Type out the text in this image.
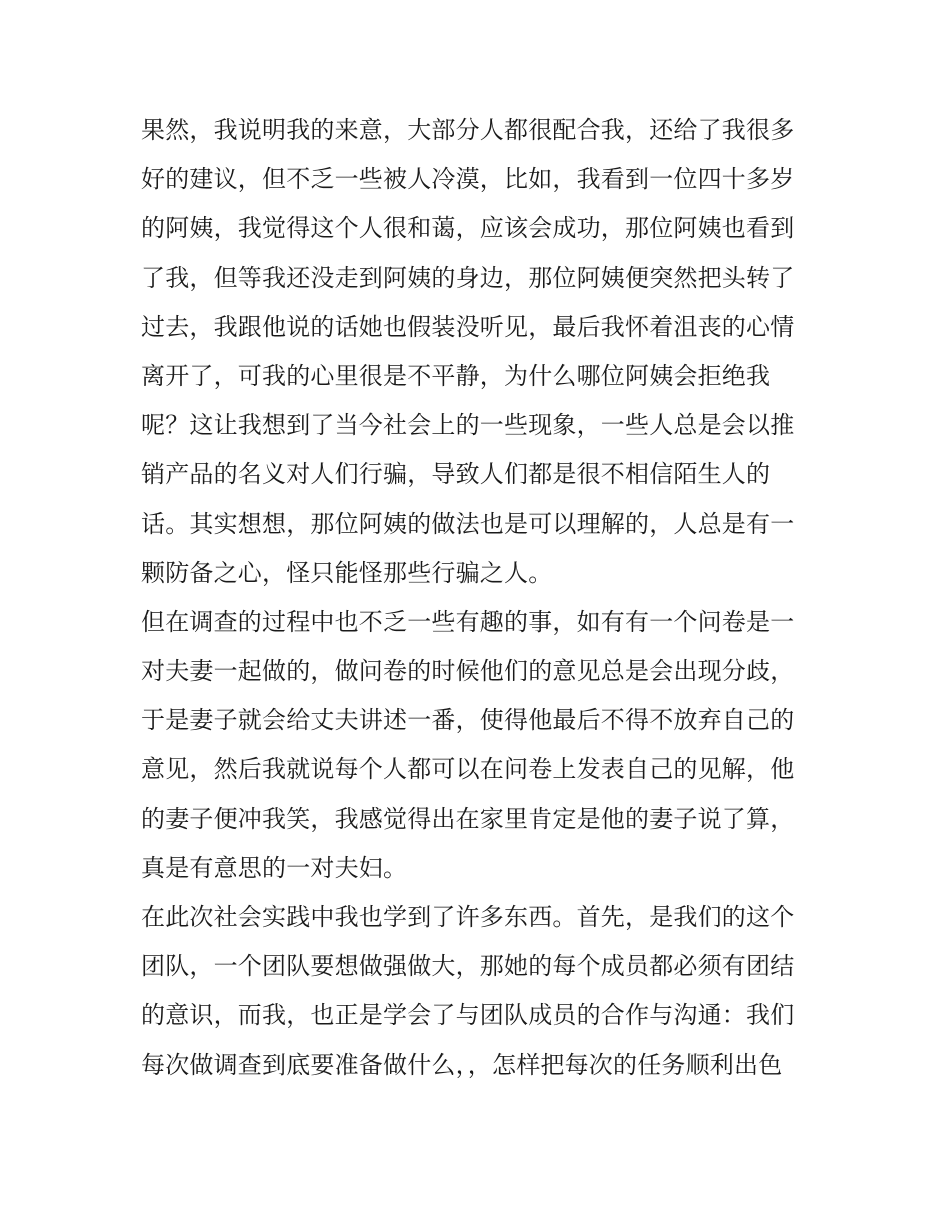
果然，我说明我的来意，大部分人都很配合我，还给了我很多
好的建议，但不乏一些被人冷漠，比如，我看到一位四十多岁
的阿姨，我觉得这个人很和蔼，应该会成功，那位阿姨也看到
了我，但等我还没走到阿姨的身边，那位阿姨便突然把头转了
过去，我跟他说的话她也假装没听见，最后我怀着沮丧的心情
离开了，可我的心里很是不平静，为什么哪位阿姨会拒绝我
呢？这让我想到了当今社会上的一些现象，一些人总是会以推
销产品的名义对人们行骗，导致人们都是很不相信陌生人的
话。其实想想，那位阿姨的做法也是可以理解的，人总是有一
颗防备之心，怪只能怪那些行骗之人。
但在调查的过程中也不乏一些有趣的事，如有有一个问卷是一
对夫妻一起做的，做问卷的时候他们的意见总是会出现分歧，
于是妻子就会给丈夫讲述一番，使得他最后不得不放弃自己的
意见，然后我就说每个人都可以在问卷上发表自己的见解，他
的妻子便冲我笑，我感觉得出在家里肯定是他的妻子说了算，
真是有意思的一对夫妇。
在此次社会实践中我也学到了许多东西。首先，是我们的这个
团队，一个团队要想做强做大，那她的每个成员都必须有团结
的意识，而我，也正是学会了与团队成员的合作与沟通：我们
每次做调查到底要准备做什么，，怎样把每次的任务顺利出色
